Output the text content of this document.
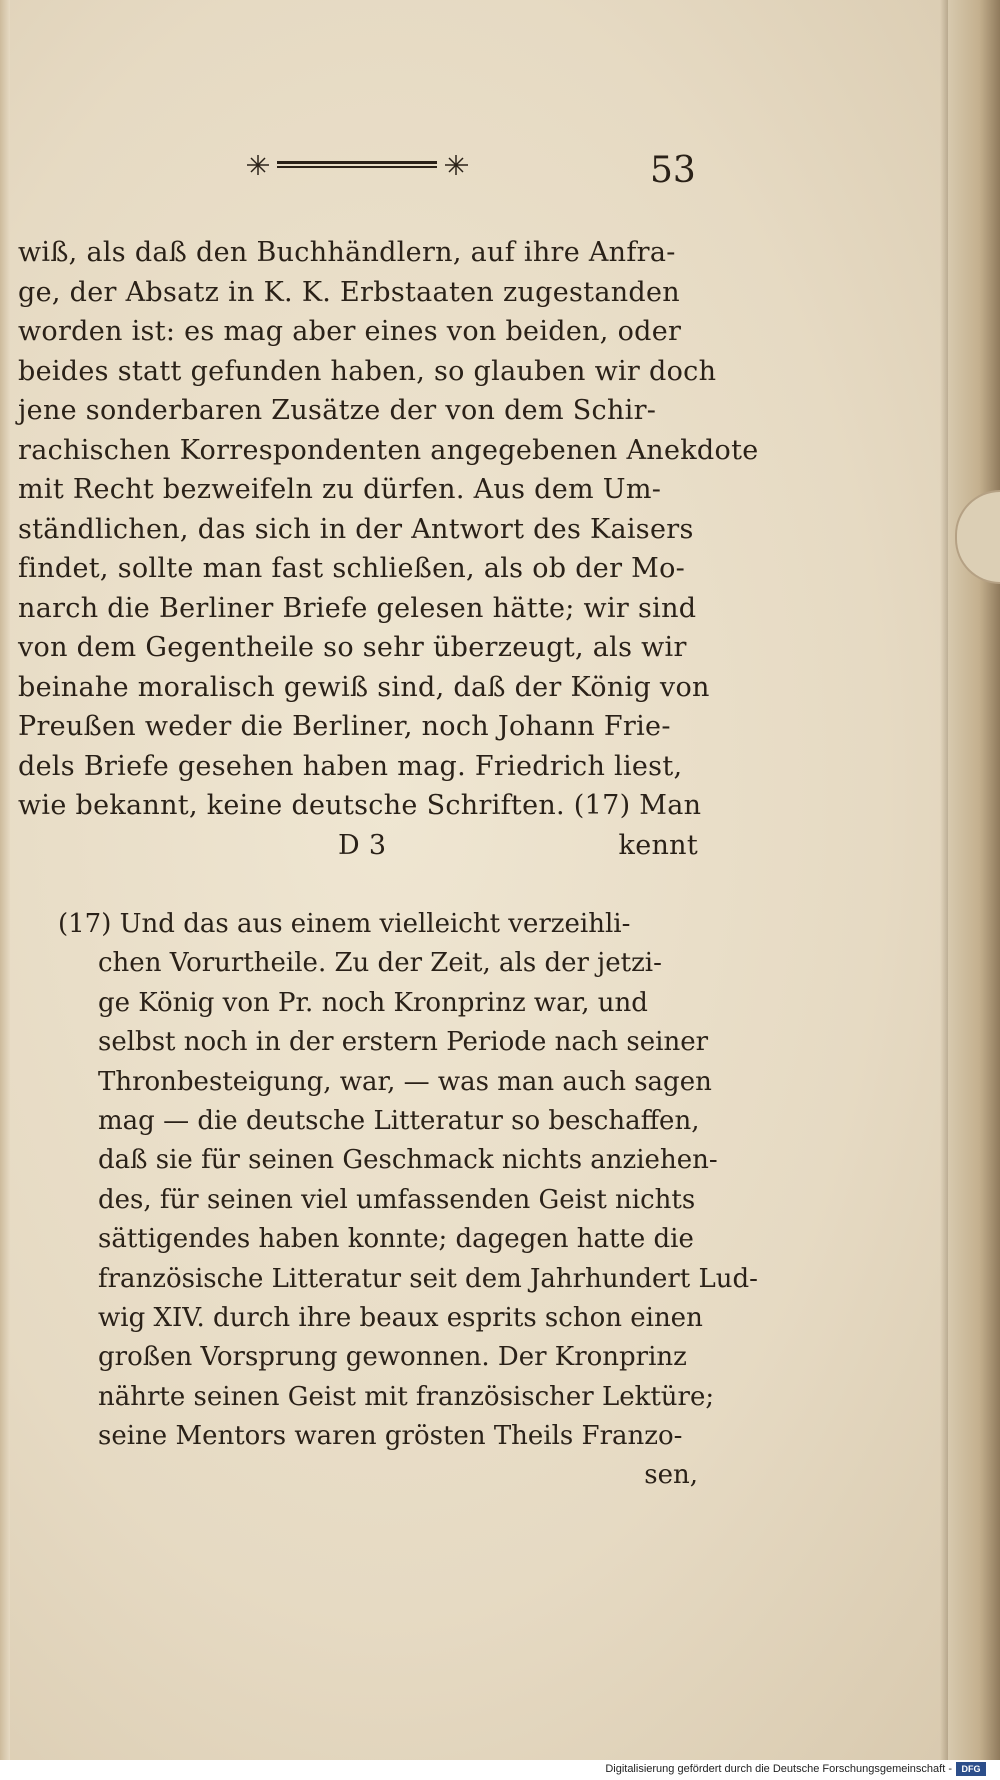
53
wiß, als daß den Buchhändlern, auf ihre Anfra-
ge, der Absatz in K. K. Erbstaaten zugestanden
worden ist: es mag aber eines von beiden, oder
beides statt gefunden haben, so glauben wir doch
jene sonderbaren Zusätze der von dem Schir-
rachischen Korrespondenten angegebenen Anekdote
mit Recht bezweifeln zu dürfen. Aus dem Um-
ständlichen, das sich in der Antwort des Kaisers
findet, sollte man fast schließen, als ob der Mo-
narch die Berliner Briefe gelesen hätte; wir sind
von dem Gegentheile so sehr überzeugt, als wir
beinahe moralisch gewiß sind, daß der König von
Preußen weder die Berliner, noch Johann Frie-
dels Briefe gesehen haben mag. Friedrich liest,
wie bekannt, keine deutsche Schriften. (17) Man
D 3	kennt
(17) Und das aus einem vielleicht verzeihli-
chen Vorurtheile. Zu der Zeit, als der jetzi-
ge König von Pr. noch Kronprinz war, und
selbst noch in der erstern Periode nach seiner
Thronbesteigung, war, — was man auch sagen
mag — die deutsche Litteratur so beschaffen,
daß sie für seinen Geschmack nichts anziehen-
des, für seinen viel umfassenden Geist nichts
sättigendes haben konnte; dagegen hatte die
französische Litteratur seit dem Jahrhundert Lud-
wig XIV. durch ihre beaux esprits schon einen
großen Vorsprung gewonnen. Der Kronprinz
nährte seinen Geist mit französischer Lektüre;
seine Mentors waren grösten Theils Franzo-
sen,
Digitalisierung gefördert durch die Deutsche Forschungsgemeinschaft -	DFG
